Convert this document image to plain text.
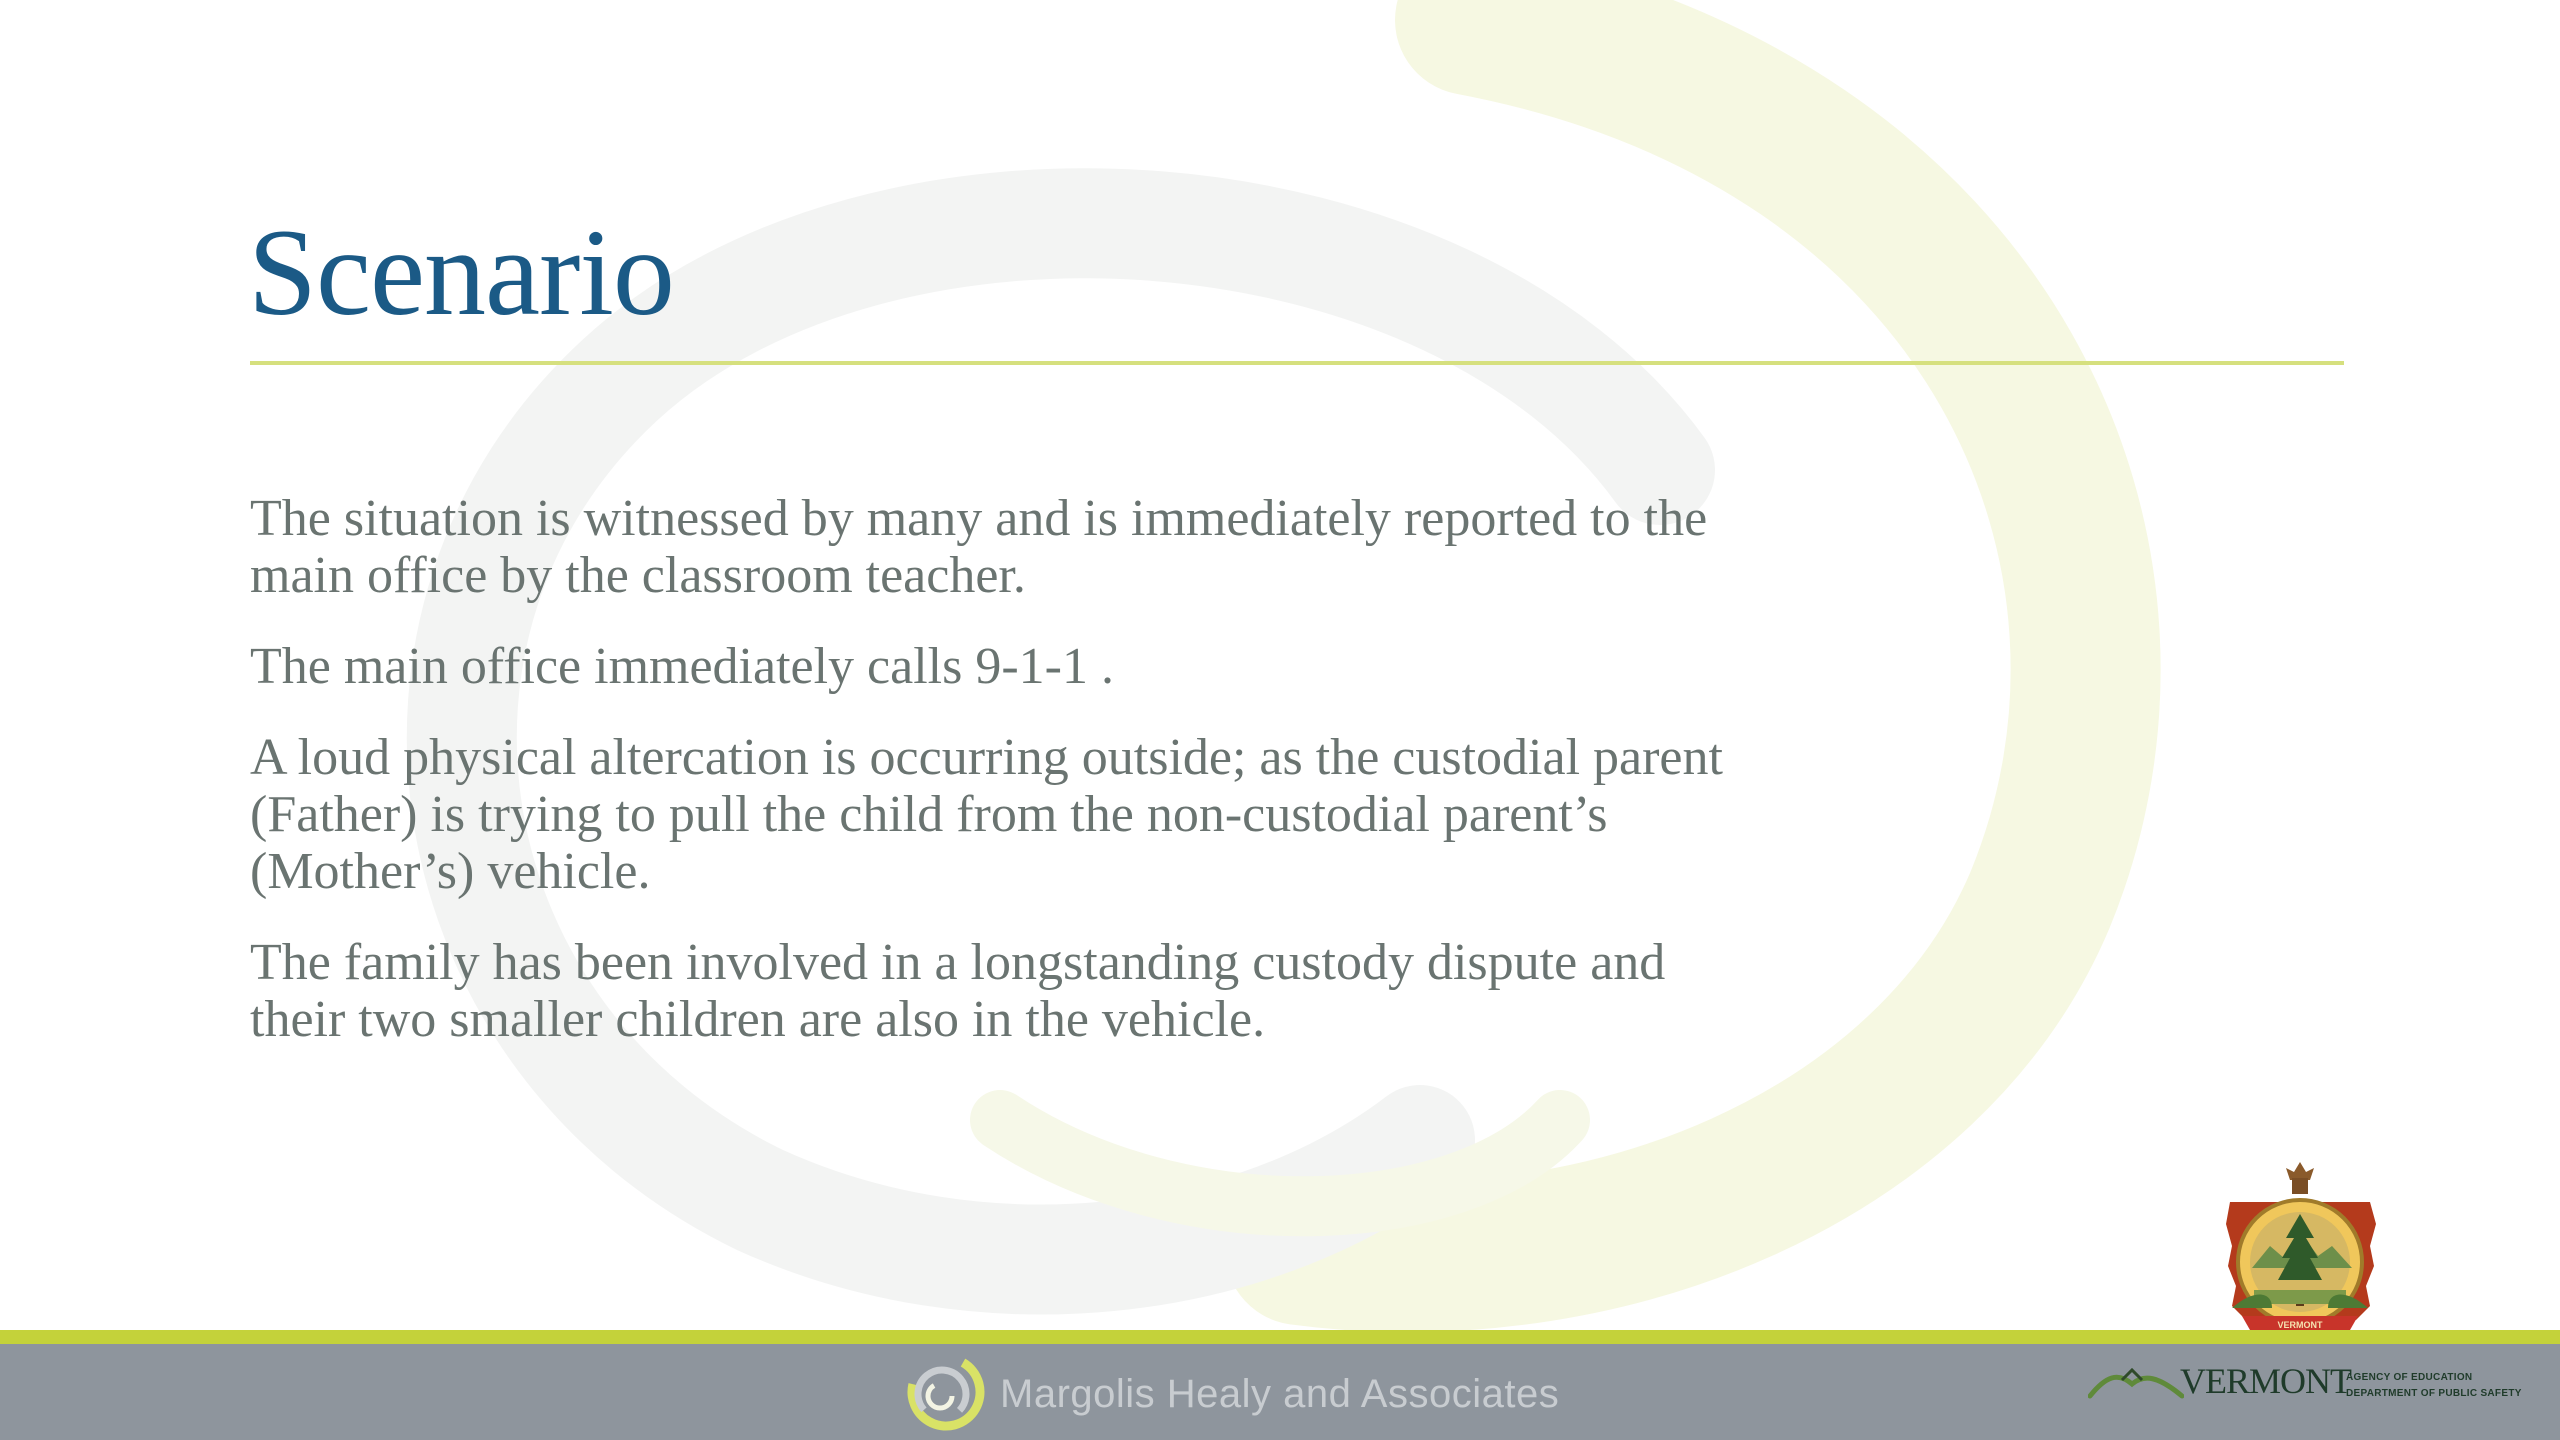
Scenario

The situation is witnessed by many and is immediately reported to the main office by the classroom teacher.

The main office immediately calls 9-1-1 .

A loud physical altercation is occurring outside; as the custodial parent (Father) is trying to pull the child from the non-custodial parent’s (Mother’s) vehicle.

The family has been involved in a longstanding custody dispute and their two smaller children are also in the vehicle.

VERMONT
Margolis Healy and Associates	VERMONT
AGENCY OF EDUCATION
DEPARTMENT OF PUBLIC SAFETY
